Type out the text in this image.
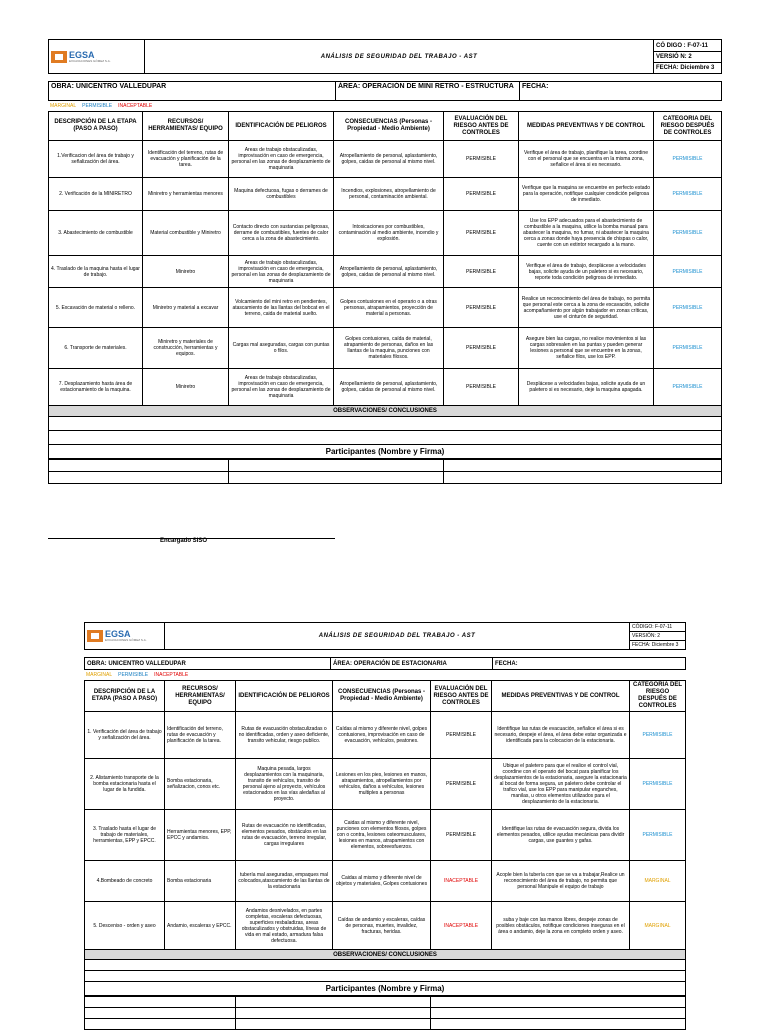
EGSA
EXCAVACIONES GÓMEZ S.A.
	ANÁLISIS DE SEGURIDAD DEL TRABAJO - AST	CÓ DIGO : F-07-11
VERSIÓ N: 2
FECHA: Diciembre 3
OBRA: UNICENTRO VALLEDUPAR	ÁREA: OPERACIÓN DE MINI RETRO - ESTRUCTURA	FECHA:
MARGINAL PERMISIBLE INACEPTABLE
DESCRIPCIÓN DE LA ETAPA (PASO A PASO)	RECURSOS/ HERRAMIENTAS/ EQUIPO	IDENTIFICACIÓN DE PELIGROS	CONSECUENCIAS (Personas - Propiedad - Medio Ambiente)	EVALUACIÓN DEL RIESGO ANTES DE CONTROLES	MEDIDAS PREVENTIVAS Y DE CONTROL	CATEGORIA DEL RIESGO DESPUÉS DE CONTROLES
1.Verificacion del área de trabajo y señalización del área.	Identificación del terreno, rutas de evacuación y planificación de la tarea.	Areas de trabajo obstaculizadas, improvisación en caso de emergencia, personal en las zonas de desplazamiento de maquinaria	Atropellamiento de personal, aplastamiento, golpes, caidas de personal al mismo nivel.	PERMISIBLE	Verifique el área de trabajo, planifique la tarea, coordine con el personal que se encuentra en la misma zona, señalice el área si es necesario.	PERMISIBLE
2. Verificación de la MINIRETRO	Miniretro y herramientas menores	Maquina defectuosa, fugas o derrames de combustibles	Incendios, explosiones, atropellamiento de personal, contaminación ambiental.	PERMISIBLE	Verifique que la maquina se encuentre en perfecto estado para la operación, notifique cualquier condición peligrosa de inmediato.	PERMISIBLE
3. Abastecimiento de combustible	Material combustible y Miniretro	Contacto directo con sustancias peligrosas, derrame de combustibles, fuentes de calor cerca a la zona de abastecimiento.	Intoxicaciones por combustibles, contaminación al medio ambiente, incendio y explosión.	PERMISIBLE	Use los EPP adecuados para el abastecimiento de combustible a la maquina, utilice la bomba manual para abastecer la maquina, no fumar, ni abastecer la maquina cerca a zonas donde haya presencia de chispas o calor, cuente con un extintor recargado a la mano.	PERMISIBLE
4. Traslado de la maquina hasta el lugar de trabajo.	Miniretro	Areas de trabajo obstaculizadas, improvisación en caso de emergencia, personal en las zonas de desplazamiento de maquinaria	Atropellamiento de personal, aplastamiento, golpes, caidas de personal al mismo nivel.	PERMISIBLE	Verifique el área de trabajo, desplácese a velocidades bajas, solicite ayuda de un paletero si es necesario, reporte toda condición peligrosa de inmediato.	PERMISIBLE
5. Excavación de material o relleno.	Miniretro y material a excavar	Volcamiento del mini retro en pendientes, atascamiento de las llantas del bobcat en el terreno, caida de material suelto.	Golpes contusiones en el operario o a otras personas, atrapamientos, proyección de material a personas.	PERMISIBLE	Realice un reconocimiento del área de trabajo, no permita que personal este cerca a la zona de excavación, solicite acompañamiento por algún trabajador en zonas críticas, use el cinturón de seguridad.	PERMISIBLE
6. Transporte de materiales.	Miniretro y materiales de construcción, herramientas y equipos.	Cargas mal aseguradas, cargas con puntas o filos.	Golpes contusiones, caída de material, atrapamiento de personas, daños en las llantas de la maquina, punciones con materiales filosos.	PERMISIBLE	Asegure bien las cargas, no realice movimientos si las cargas sobresalen en las puntas y pueden generar lesiones a personal que se encuentre en la zonas, señalice filos, use los EPP.	PERMISIBLE
7. Desplazamiento hasta área de estacionamiento de la maquina.	Miniretro	Areas de trabajo obstaculizadas, improvisación en caso de emergencia, personal en las zonas de desplazamiento de maquinaria	Atropellamiento de personal, aplastamiento, golpes, caidas de personal al mismo nivel.	PERMISIBLE	Desplácese a velocidades bajas, solicite ayuda de un paletero si es necesario, deje la maquina apagada.	PERMISIBLE
OBSERVACIONES/ CONCLUSIONES						

Participantes (Nombre y Firma)						

Encargado SISO
EGSA
EXCAVACIONES GÓMEZ S.A.
	ANÁLISIS DE SEGURIDAD DEL TRABAJO - AST	CÓDIGO: F-07-11
VERSIÓN: 2
FECHA: Diciembre 3
OBRA: UNICENTRO VALLEDUPAR	ÁREA: OPERACIÓN DE ESTACIONARIA	FECHA:
MARGINAL PERMISIBLE INACEPTABLE
DESCRIPCIÓN DE LA ETAPA (PASO A PASO)	RECURSOS/ HERRAMIENTAS/ EQUIPO	IDENTIFICACIÓN DE PELIGROS	CONSECUENCIAS (Personas - Propiedad - Medio Ambiente)	EVALUACIÓN DEL RIESGO ANTES DE CONTROLES	MEDIDAS PREVENTIVAS Y DE CONTROL	CATEGORIA DEL RIESGO DESPUÉS DE CONTROLES
1. Verificación del área de trabajo y señalización del área.	Identificación del terreno, rutas de evacuación y planificación de la tarea.	Rutas de evacuación obstaculizadas o no identificadas, orden y aseo deficiente, transito vehicular, riesgo publico.	Caídas al mismo y diferente nivel, golpes contusiones, improvisación en caso de evacuación, vehículos, peatones.	PERMISIBLE	Identifique las rutas de evacuación, señalice el área si es necesario, despeje el área, el área debe estar organizada e identificada para la colocacion de la estacionaria.	PERMISIBLE
2. Alistamiento transporte de la bomba estacionaria hasta el lugar de la fundida.	Bomba estacionaria, señalizacion, conos etc.	Maquina pesada, largos desplazamientos con la maquinaria, transito de vehículos, transito de personal ajeno al proyecto, vehículos estacionados en las vías aledañas al proyecto.	Lesiones en los pies, lesiones en manos, atrapamientos, atropellamientos por vehículos, daños a vehículos, lesiones multiples a personas	PERMISIBLE	Ubique el paletero para que el realice el control vial, coordine con el operario del bocat para planificar los desplazamientos de la estacionaria, asegure la estacionaria al bocat de forma segura, un paletero debe controlar el trafico vial, use los EPP para manipular enganches, manilas, u otros elementos utilizados para el desplazamiento de la estacionaria.	PERMISIBLE
3. Traslado hasta el lugar de trabajo de materiales, herramientas, EPP y EPCC.	Herramientas menores, EPP, EPCC y andamios.	Rutas de evacuación no identificadas, elementos pesados, obstáculos en las rutas de evacuación, terreno irregular, cargas irregulares	Caidas al mismo y diferente nivel, punciones con elementos filosos, golpes con o contra, lesiones osteomusculares, lesiones en manos, atrapamientos con elementos, sobreesfuerzos.	PERMISIBLE	Identifique las rutas de evacuación segura, divida los elementos pesados, utilice ayudas mecánicas para dividir cargas, use guantes y gafas.	PERMISIBLE
4.Bombeado de concreto	Bomba estacionaria	tubería mal aseguradas, empaques mal colocados,atascamiento de las llantas de la estacionaria	Caidas al mismo y diferente nivel de objetos y materiales, Golpes contusiones	INACEPTABLE	Acople bien la tubería con que se va a trabajar,Realice un reconocimiento del área de trabajo, no permita que personal Manipule el equipo de trabajo	MARGINAL
5. Desceniso - orden y aseo	Andamio, escaleras y EPCC.	Andamios desnivelados, en partes completas, escaleras defectuosas, superficies resbaladizas, areas obstaculizados y obstruidas, líneas de vida en mal estado, armadura falsa defectuosa.	Caídas de andamio y escaleras, caídas de personas, muertes, invalidez, fracturas, heridas.	INACEPTABLE	suba y baje con las manos libres, despeje zonas de posibles obstáculos, notifique condiciones inseguras en el área o andamio, deje la zona en completo orden y aseo.	MARGINAL
OBSERVACIONES/ CONCLUSIONES						

Participantes (Nombre y Firma)						
